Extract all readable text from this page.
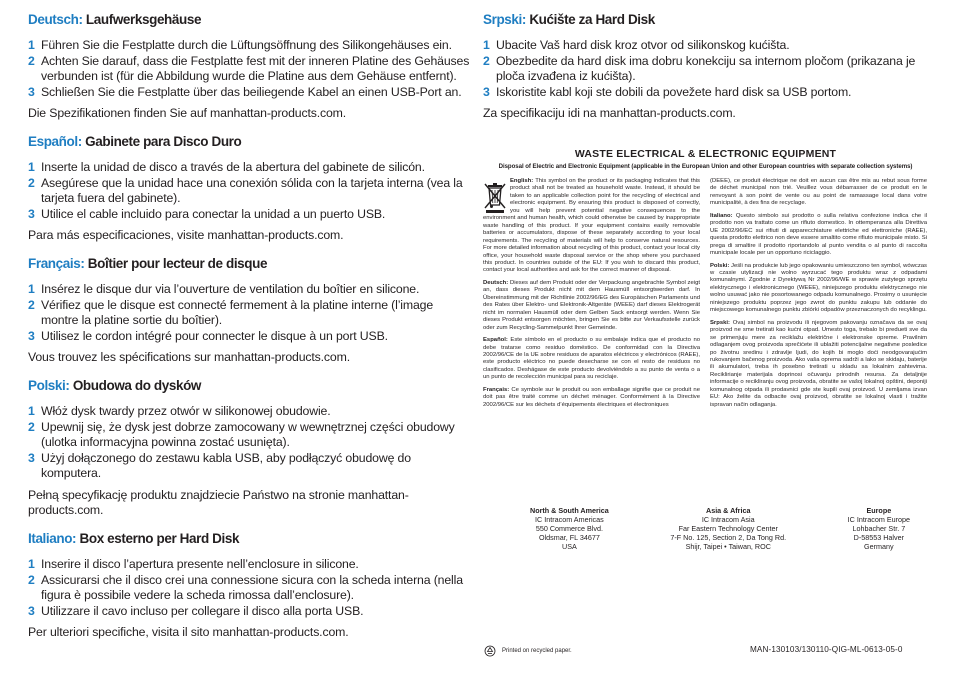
Deutsch: Laufwerksgehäuse
1 Führen Sie die Festplatte durch die Lüftungsöffnung des Silikongehäuses ein.
2 Achten Sie darauf, dass die Festplatte fest mit der inneren Platine des Gehäuses verbunden ist (für die Abbildung wurde die Platine aus dem Gehäuse entfernt).
3 Schließen Sie die Festplatte über das beiliegende Kabel an einen USB-Port an.
Die Spezifikationen finden Sie auf manhattan-products.com.
Español: Gabinete para Disco Duro
1 Inserte la unidad de disco a través de la abertura del gabinete de silicón.
2 Asegúrese que la unidad hace una conexión sólida con la tarjeta interna (vea la tarjeta fuera del gabinete).
3 Utilice el cable incluido para conectar la unidad a un puerto USB.
Para más especificaciones, visite manhattan-products.com.
Français: Boîtier pour lecteur de disque
1 Insérez le disque dur via l’ouverture de ventilation du boîtier en silicone.
2 Vérifiez que le disque est connecté fermement à la platine interne (l’image montre la platine sortie du boîtier).
3 Utilisez le cordon intégré pour connecter le disque à un port USB.
Vous trouvez les spécifications sur manhattan-products.com.
Polski: Obudowa do dysków
1 Włóż dysk twardy przez otwór w silikonowej obudowie.
2 Upewnij się, że dysk jest dobrze zamocowany w wewnętrznej części obudowy (ulotka informacyjna powinna zostać usunięta).
3 Użyj dołączonego do zestawu kabla USB, aby podłączyć obudowę do komputera.
Pełną specyfikację produktu znajdziecie Państwo na stronie manhattan-products.com.
Italiano: Box esterno per Hard Disk
1 Inserire il disco l’apertura presente nell’enclosure in silicone.
2 Assicurarsi che il disco crei una connessione sicura con la scheda interna (nella figura è possibile vedere la scheda rimossa dall’enclosure).
3 Utilizzare il cavo incluso per collegare il disco alla porta USB.
Per ulteriori specifiche, visita il sito manhattan-products.com.
Srpski: Kućište za Hard Disk
1 Ubacite Vaš hard disk kroz otvor od silikonskog kućišta.
2 Obezbedite da hard disk ima dobru konekciju sa internom pločom (prikazana je ploča izvađena iz kućišta).
3 Iskoristite kabl koji ste dobili da povežete hard disk sa USB portom.
Za specifikaciju idi na manhattan-products.com.
WASTE ELECTRICAL & ELECTRONIC EQUIPMENT
Disposal of Electric and Electronic Equipment (applicable in the European Union and other European countries with separate collection systems)
English: This symbol on the product or its packaging indicates that this product shall not be treated as household waste. Instead, it should be taken to an applicable collection point for the recycling of electrical and electronic equipment. By ensuring this product is disposed of correctly, you will help prevent potential negative consequences to the environment and human health, which could otherwise be caused by inappropriate waste handling of this product. If your equipment contains easily removable batteries or accumulators, dispose of these separately according to your local requirements. The recycling of materials will help to conserve natural resources. For more detailed information about recycling of this product, contact your local city office, your household waste disposal service or the shop where you purchased this product. In countries outside of the EU: If you wish to discard this product, contact your local authorities and ask for the correct manner of disposal.
Deutsch: Dieses auf dem Produkt oder der Verpackung angebrachte Symbol zeigt an, dass dieses Produkt nicht mit dem Hausmüll entsorgtwerden darf. In Übereinstimmung mit der Richtlinie 2002/96/EG des Europäischen Parlaments und des Rates über Elektro- und Elektronik-Altgeräte (WEEE) darf dieses Elektrogerät nicht im normalen Hausmüll oder dem Gelben Sack entsorgt werden. Wenn Sie dieses Produkt entsorgen möchten, bringen Sie es bitte zur Verkaufsstelle zurück oder zum Recycling-Sammelpunkt Ihrer Gemeinde.
Español: Este símbolo en el producto o su embalaje indica que el producto no debe tratarse como residuo doméstico. De conformidad con la Directiva 2002/96/CE de la UE sobre residuos de aparatos eléctricos y electrónicos (RAEE), este producto eléctrico no puede desecharse se con el resto de residuos no clasificados. Deshágase de este producto devolviéndolo a su punto de venta o a un punto de recolección municipal para su reciclaje.
Français: Ce symbole sur le produit ou son emballage signifie que ce produit ne doit pas être traité comme un déchet ménager. Conformément à la Directive 2002/96/CE sur les déchets d’équipements électriques et électroniques
(DEEE), ce produit électrique ne doit en aucun cas être mis au rebut sous forme de déchet municipal non trié. Veuillez vous débarrasser de ce produit en le renvoyant à son point de vente ou au point de ramassage local dans votre municipalité, à des fins de recyclage.
Italiano: Questo simbolo sui prodotto o sulla relativa confezione indica che il prodotto non va trattato come un rifiuto domestico. In ottemperanza alla Direttiva UE 2002/96/EC sui rifiuti di apparecchiature elettriche ed elettroniche (RAEE), questa prodotto elettrico non deve essere smaltito come rifiuto municipale misto. Si prega di smaltire il prodotto riportandolo al punto vendita o al punto di raccolta municipale locale per un opportuno riciclaggio.
Polski: Jeśli na produkcie lub jego opakowaniu umieszczono ten symbol, wówczas w czasie utylizacji nie wolno wyrzucać tego produktu wraz z odpadami komunalnymi. Zgodnie z Dyrektywą Nr 2002/96/WE w sprawie zużytego sprzętu elektrycznego i elektronicznego (WEEE), niniejszego produktu elektrycznego nie wolno usuwać jako nie posortowanego odpadu komunalnego. Prosimy o usunięcie niniejszego produktu poprzez jego zwrot do punktu zakupu lub oddanie do miejscowego komunalnego punktu zbiórki odpadów przeznaczonych do recyklingu.
Srpski: Ovaj simbol na proizvodu ili njegovom pakovanju označava da se ovaj proizvod ne sme tretirati kao kućni otpad. Umesto toga, trebalo bi predueti sve da se primenjuju mere za reciklažu električne i elektronske opreme. Pravilnim odlaganjem ovog proizvoda sprečićete ili ublažiti potencijalne negativne posledice po životnu sredinu i zdravlje ljudi, do kojih bi moglo doći neodgovarajućim rukovanjem bačenog proizvoda. Ako vaša oprema sadrži a lako se skidaju, baterije ili akumulatori, treba ih posebno tretirati u skladu sa lokalnim zahtevima. Reciklirianje materijala doprinosi očuvanju prirodnih resursa. Za detaljnije informacije o recikliranju ovog proizvoda, obratite se vašoj lokalnoj opštini, deponiji komunalnog otpada ili prodavnici gde ste kupili ovaj proizvod. U zemljama izvan EU: Ako želite da odbacite ovaj proizvod, obratite se lokalnoj vlasti i tražite ispravan način odlaganja.
North & South America
IC Intracom Americas
550 Commerce Blvd.
Oldsmar, FL 34677
USA
Asia & Africa
IC Intracom Asia
Far Eastern Technology Center
7-F No. 125, Section 2, Da Tong Rd.
Shijr, Taipei • Taiwan, ROC
Europe
IC Intracom Europe
Lohbacher Str. 7
D-58553 Halver
Germany
Printed on recycled paper.	MAN-130103/130110-QIG-ML-0613-05-0
